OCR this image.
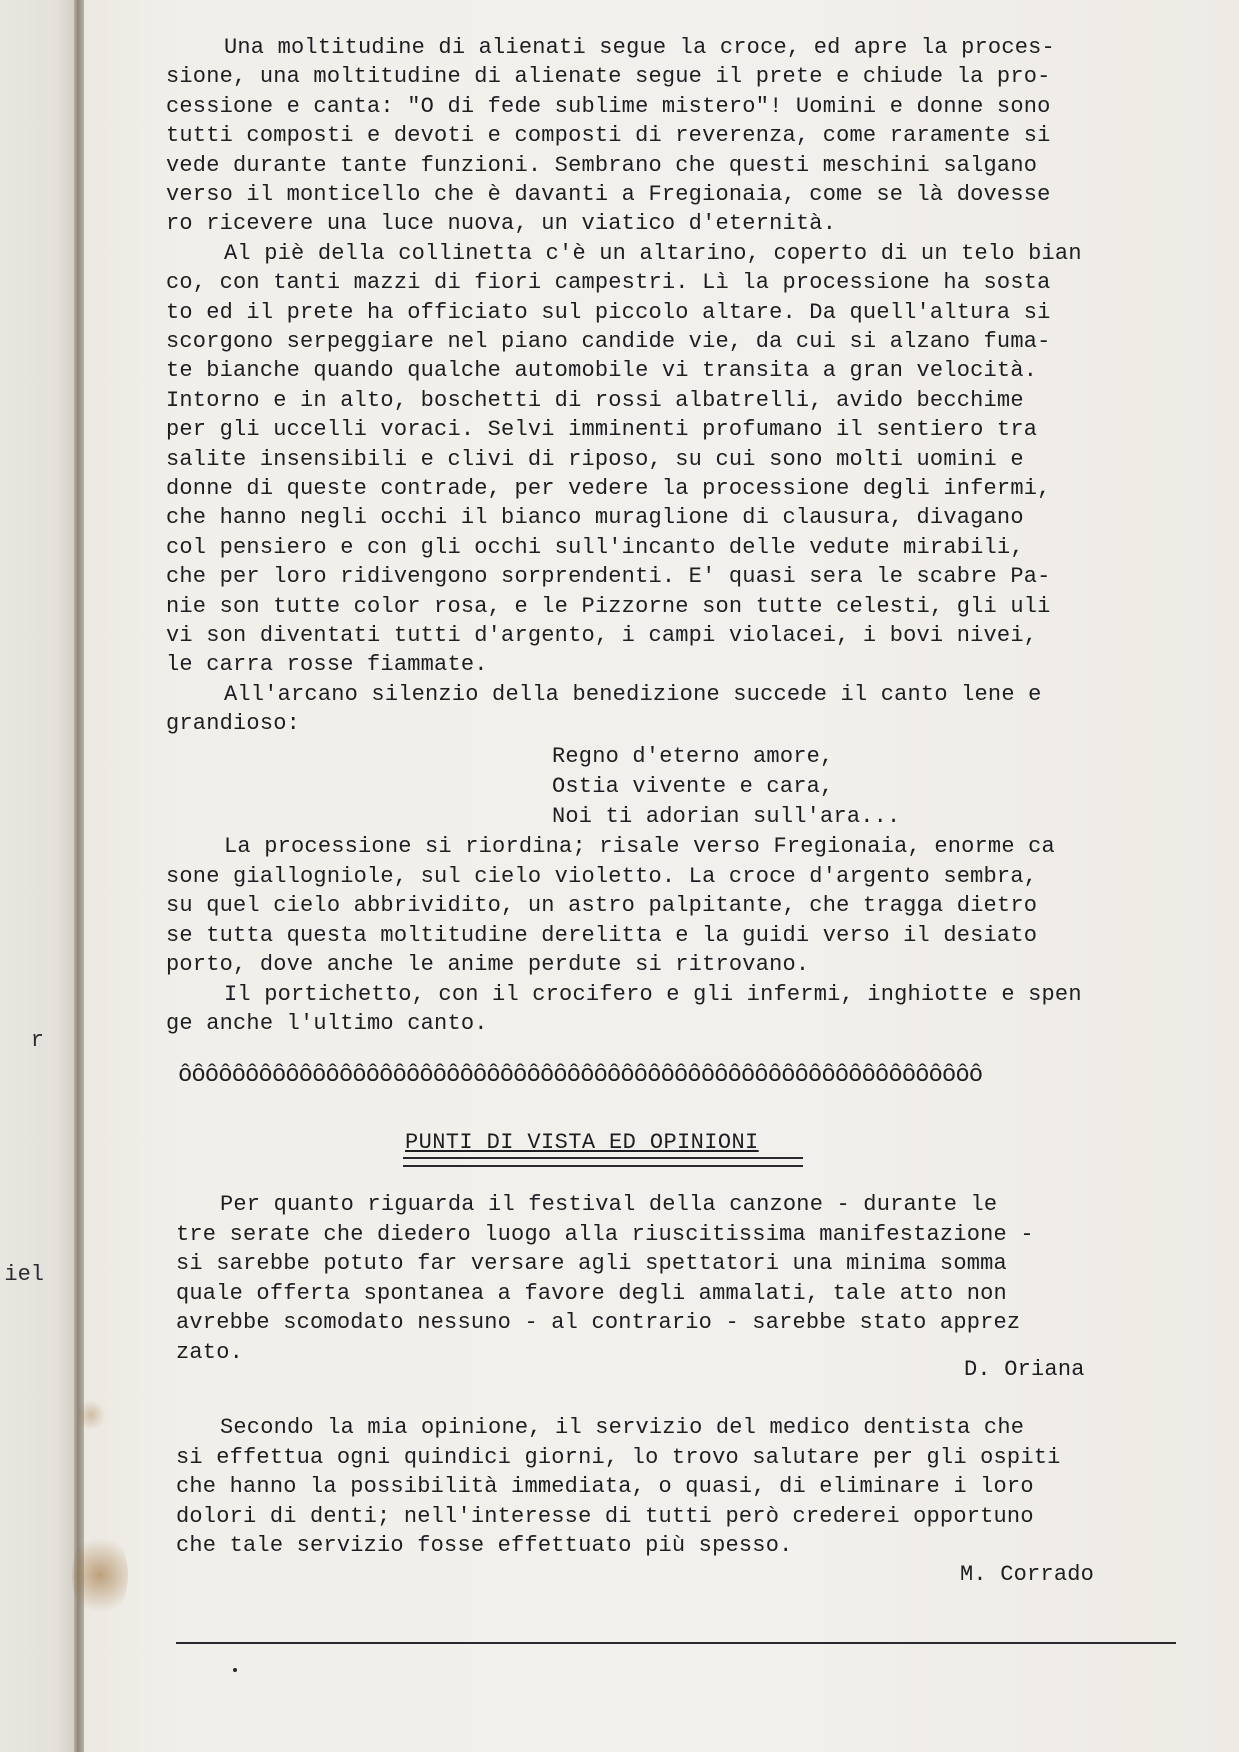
r
iel
Una moltitudine di alienati segue la croce, ed apre la proces-
sione, una moltitudine di alienate segue il prete e chiude la pro-
cessione e canta: "O di fede sublime mistero"! Uomini e donne sono
tutti composti e devoti e composti di reverenza, come raramente si
vede durante tante funzioni. Sembrano che questi meschini salgano
verso il monticello che è davanti a Fregionaia, come se là dovesse
ro ricevere una luce nuova, un viatico d'eternità.
Al piè della collinetta c'è un altarino, coperto di un telo bian
co, con tanti mazzi di fiori campestri. Lì la processione ha sosta
to ed il prete ha officiato sul piccolo altare. Da quell'altura si
scorgono serpeggiare nel piano candide vie, da cui si alzano fuma-
te bianche quando qualche automobile vi transita a gran velocità.
Intorno e in alto, boschetti di rossi albatrelli, avido becchime
per gli uccelli voraci. Selvi imminenti profumano il sentiero tra
salite insensibili e clivi di riposo, su cui sono molti uomini e
donne di queste contrade, per vedere la processione degli infermi,
che hanno negli occhi il bianco muraglione di clausura, divagano
col pensiero e con gli occhi sull'incanto delle vedute mirabili,
che per loro ridivengono sorprendenti. E' quasi sera le scabre Pa-
nie son tutte color rosa, e le Pizzorne son tutte celesti, gli uli
vi son diventati tutti d'argento, i campi violacei, i bovi nivei,
le carra rosse fiammate.
All'arcano silenzio della benedizione succede il canto lene e
grandioso:
Regno d'eterno amore,
Ostia vivente e cara,
Noi ti adorian sull'ara...
La processione si riordina; risale verso Fregionaia, enorme ca
sone giallogniole, sul cielo violetto. La croce d'argento sembra,
su quel cielo abbrividito, un astro palpitante, che tragga dietro
se tutta questa moltitudine derelitta e la guidi verso il desiato
porto, dove anche le anime perdute si ritrovano.
Il portichetto, con il crocifero e gli infermi, inghiotte e spen
ge anche l'ultimo canto.
ỗỗỗỗỗỗỗỗỗỗỗỗỗỗỗỗỗỗỗỗỗỗỗỗỗỗỗỗỗỗỗỗỗỗỗỗỗỗỗỗỗỗỗỗỗỗỗỗỗỗỗỗỗỗỗỗỗỗỗỗ
PUNTI DI VISTA ED OPINIONI
Per quanto riguarda il festival della canzone - durante le
tre serate che diedero luogo alla riuscitissima manifestazione -
si sarebbe potuto far versare agli spettatori una minima somma
quale offerta spontanea a favore degli ammalati, tale atto non
avrebbe scomodato nessuno - al contrario - sarebbe stato apprez
zato.
D. Oriana
Secondo la mia opinione, il servizio del medico dentista che
si effettua ogni quindici giorni, lo trovo salutare per gli ospiti
che hanno la possibilità immediata, o quasi, di eliminare i loro
dolori di denti; nell'interesse di tutti però crederei opportuno
che tale servizio fosse effettuato più spesso.
M. Corrado
